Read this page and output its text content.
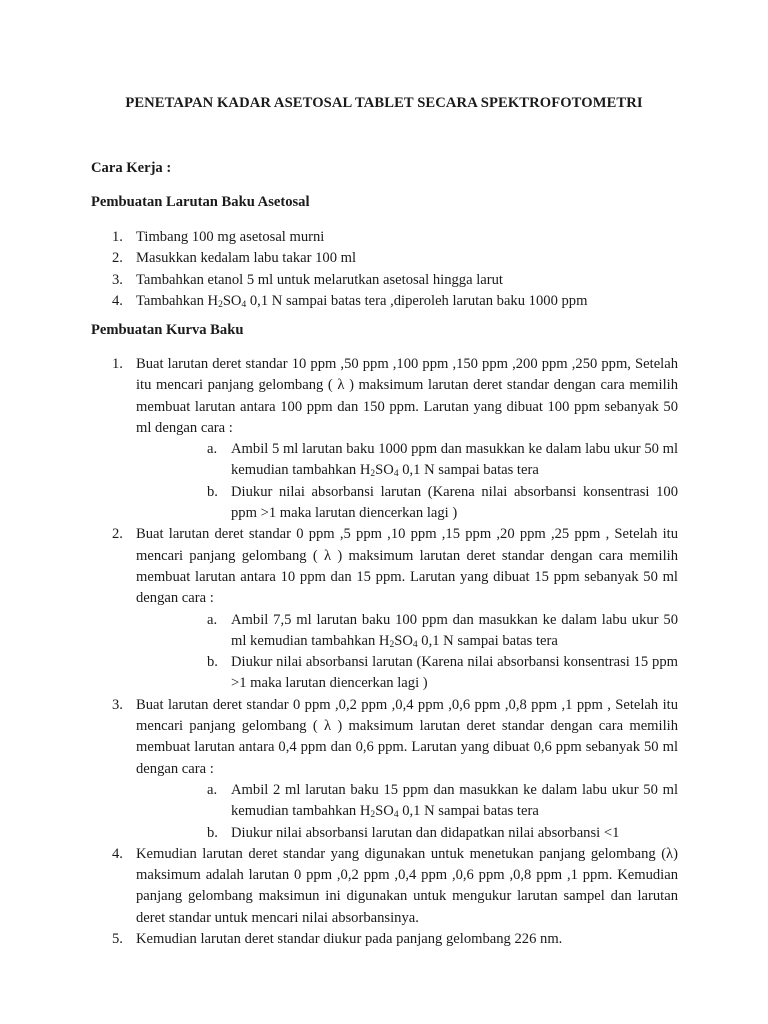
PENETAPAN KADAR ASETOSAL TABLET SECARA SPEKTROFOTOMETRI
Cara Kerja :
Pembuatan Larutan Baku Asetosal
1. Timbang 100 mg asetosal murni
2. Masukkan kedalam labu takar 100 ml
3. Tambahkan etanol 5 ml untuk melarutkan asetosal hingga larut
4. Tambahkan $H_2SO_4$ 0,1 N sampai batas tera ,diperoleh larutan baku 1000 ppm
Pembuatan Kurva Baku
1. Buat larutan deret standar 10 ppm ,50 ppm ,100 ppm ,150 ppm ,200 ppm ,250 ppm, Setelah itu mencari panjang gelombang ( λ ) maksimum larutan deret standar dengan cara memilih membuat larutan antara 100 ppm dan 150 ppm. Larutan yang dibuat 100 ppm sebanyak 50 ml dengan cara :

a. Ambil 5 ml larutan baku 1000 ppm dan masukkan ke dalam labu ukur 50 ml kemudian tambahkan $H_2SO_4$ 0,1 N sampai batas tera

b. Diukur nilai absorbansi larutan (Karena nilai absorbansi konsentrasi 100 ppm >1 maka larutan diencerkan lagi )

2. Buat larutan deret standar 0 ppm ,5 ppm ,10 ppm ,15 ppm ,20 ppm ,25 ppm , Setelah itu mencari panjang gelombang ( λ ) maksimum larutan deret standar dengan cara memilih membuat larutan antara 10 ppm dan 15 ppm. Larutan yang dibuat 15 ppm sebanyak 50 ml dengan cara :

a. Ambil 7,5 ml larutan baku 100 ppm dan masukkan ke dalam labu ukur 50 ml kemudian tambahkan $H_2SO_4$ 0,1 N sampai batas tera

b. Diukur nilai absorbansi larutan (Karena nilai absorbansi konsentrasi 15 ppm >1 maka larutan diencerkan lagi )

3. Buat larutan deret standar 0 ppm ,0,2 ppm ,0,4 ppm ,0,6 ppm ,0,8 ppm ,1 ppm , Setelah itu mencari panjang gelombang ( λ ) maksimum larutan deret standar dengan cara memilih membuat larutan antara 0,4 ppm dan 0,6 ppm. Larutan yang dibuat 0,6 ppm sebanyak 50 ml dengan cara :

a. Ambil 2 ml larutan baku 15 ppm dan masukkan ke dalam labu ukur 50 ml kemudian tambahkan $H_2SO_4$ 0,1 N sampai batas tera

b. Diukur nilai absorbansi larutan dan didapatkan nilai absorbansi <1

4. Kemudian larutan deret standar yang digunakan untuk menetukan panjang gelombang (λ) maksimum adalah larutan 0 ppm ,0,2 ppm ,0,4 ppm ,0,6 ppm ,0,8 ppm ,1 ppm. Kemudian panjang gelombang maksimun ini digunakan untuk mengukur larutan sampel dan larutan deret standar untuk mencari nilai absorbansinya.

5. Kemudian larutan deret standar diukur pada panjang gelombang 226 nm.
